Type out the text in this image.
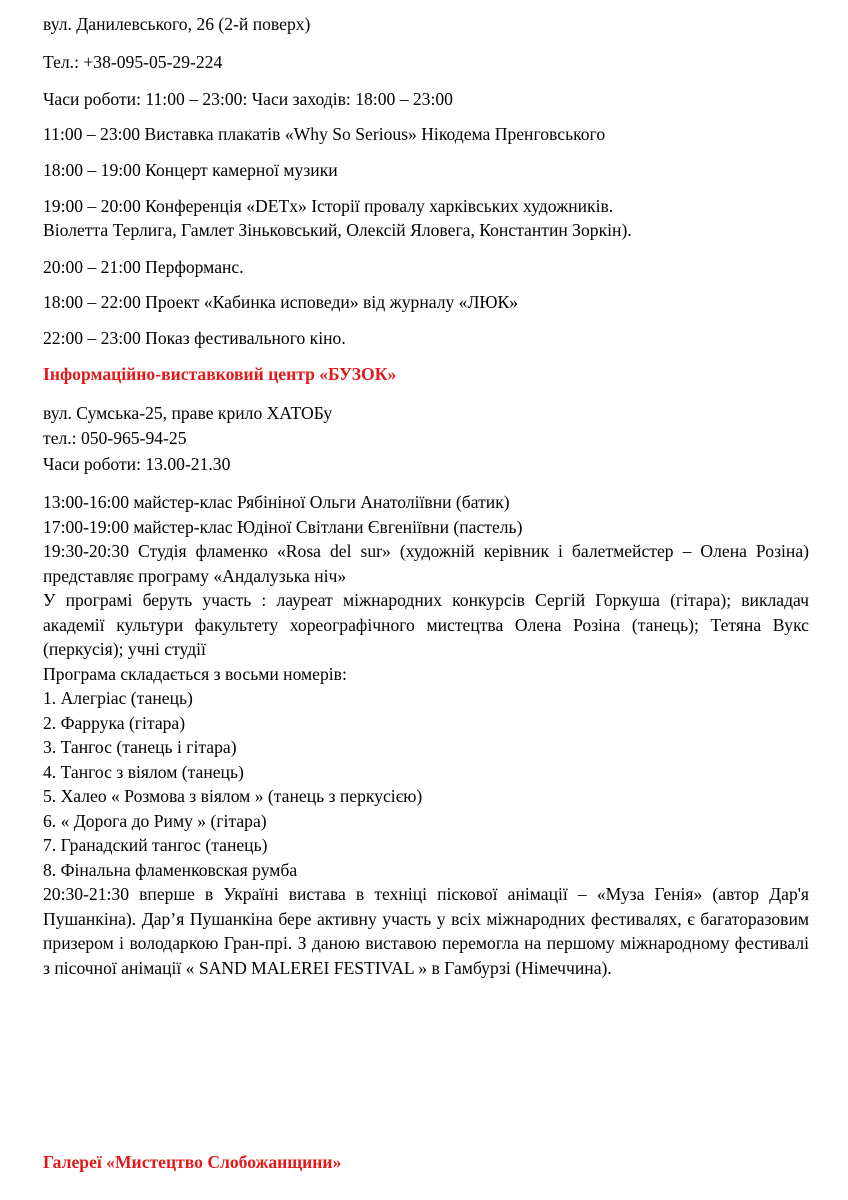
вул. Данилевського, 26 (2-й поверх)

Тел.: +38-095-05-29-224

Часи роботи: 11:00 – 23:00: Часи заходів: 18:00 – 23:00

11:00 – 23:00 Виставка плакатів «Why So Serious» Нікодема Пренговського

18:00 – 19:00 Концерт камерної музики

19:00 – 20:00 Конференція «DETx» Історії провалу харківських художників.

Віолетта Терлига, Гамлет Зіньковський, Олексій Яловега, Константин Зоркін).

20:00 – 21:00 Перформанс.

18:00 – 22:00 Проект «Кабинка исповеди» від журналу «ЛЮК»

22:00 – 23:00 Показ фестивального кіно.

Інформаційно-виставковий центр «БУЗОК»

вул. Сумська-25, праве крило ХАТОБу

тел.: 050-965-94-25

Часи роботи: 13.00-21.30

13:00-16:00 майстер-клас Рябініної Ольги Анатоліївни (батик)

17:00-19:00 майстер-клас Юдіної Світлани Євгеніївни (пастель)

19:30-20:30 Студія фламенко «Rosa del sur» (художній керівник і балетмейстер – Олена Розіна) представляє програму «Андалузька ніч»

У програмі беруть участь : лауреат міжнародних конкурсів Сергій Горкуша (гітара); викладач академії культури факультету хореографічного мистецтва Олена Розіна (танець); Тетяна Вукс (перкусія); учні студії

Програма складається з восьми номерів:

1. Алегріас (танець)

2. Фаррука (гітара)

3. Тангос (танець і гітара)

4. Тангос з віялом (танець)

5. Халео « Розмова з віялом » (танець з перкусією)

6. « Дорога до Риму » (гітара)

7. Гранадский тангос (танець)

8. Фінальна фламенковская румба

20:30-21:30 вперше в Україні вистава в техніці піскової анімації – «Муза Генія» (автор Дар'я Пушанкіна). Дар’я Пушанкіна бере активну участь у всіх міжнародних фестивалях, є багаторазовим призером і володаркою Гран-прі. З даною виставою перемогла на першому міжнародному фестивалі з пісочної анімації « SAND MALEREI FESTIVAL » в Гамбурзі (Німеччина).

Галереї «Мистецтво Слобожанщини»
